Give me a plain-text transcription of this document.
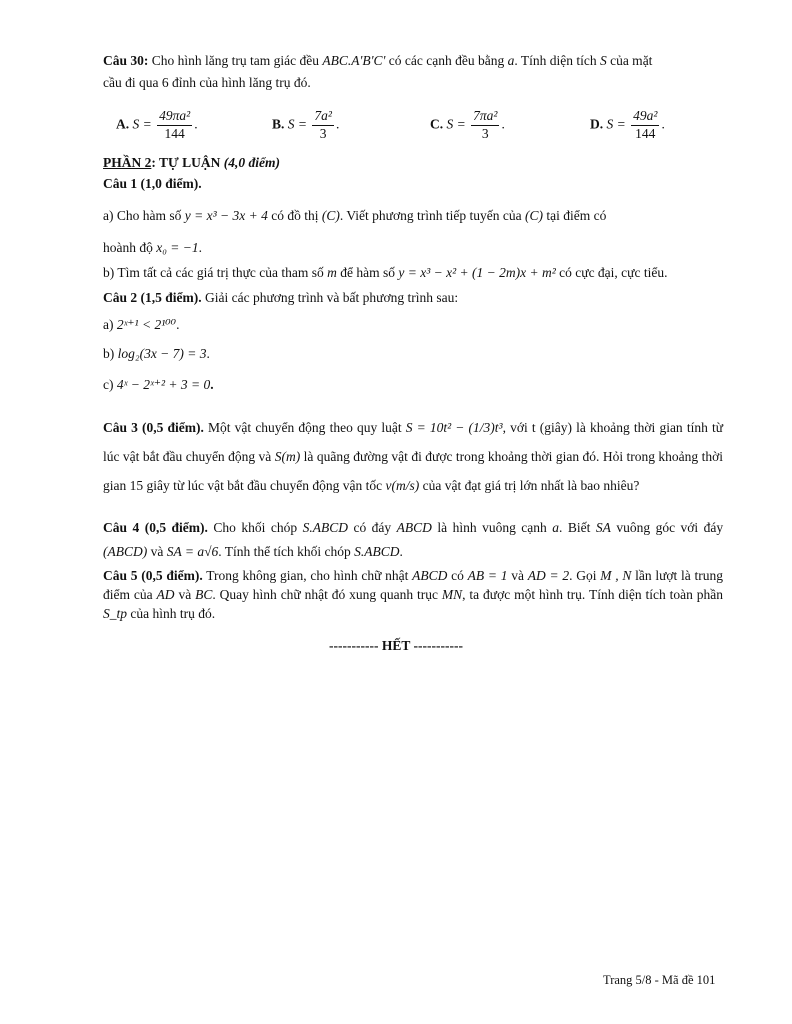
Câu 30: Cho hình lăng trụ tam giác đều ABC.A'B'C' có các cạnh đều bằng a. Tính diện tích S của mặt
cầu đi qua 6 đỉnh của hình lăng trụ đó.
A. $S = \frac{\text{49πa²}}{144}$ .	B. $S = \frac{\text{7a²}}{3}$ .	C. $S = \frac{\text{7πa²}}{3}$ .	D. $S = \frac{\text{49a²}}{144}$ .
PHẦN 2: TỰ LUẬN (4,0 điểm)
Câu 1 (1,0 điểm).
a) Cho hàm số y = x³ − 3x + 4 có đồ thị (C). Viết phương trình tiếp tuyến của (C) tại điểm có
hoành độ x₀ = −1.
b) Tìm tất cả các giá trị thực của tham số m để hàm số y = x³ − x² + (1 − 2m)x + m² có cực đại, cực tiểu.
Câu 2 (1,5 điểm). Giải các phương trình và bất phương trình sau:
a) 2ˣ⁺¹ < 2¹⁰⁰.
b) log₂(3x − 7) = 3.
c) 4ˣ − 2ˣ⁺² + 3 = 0.
Câu 3 (0,5 điểm). Một vật chuyển động theo quy luật S = 10t² − (1/3)t³, với t (giây) là khoảng thời gian tính từ lúc vật bắt đầu chuyển động và S(m) là quãng đường vật đi được trong khoảng thời gian đó. Hỏi trong khoảng thời gian 15 giây từ lúc vật bắt đầu chuyển động vận tốc v(m/s) của vật đạt giá trị lớn nhất là bao nhiêu?
Câu 4 (0,5 điểm). Cho khối chóp S.ABCD có đáy ABCD là hình vuông cạnh a. Biết SA vuông góc với đáy (ABCD) và SA = a√6. Tính thể tích khối chóp S.ABCD.
Câu 5 (0,5 điểm). Trong không gian, cho hình chữ nhật ABCD có AB = 1 và AD = 2. Gọi M , N lần lượt là trung điểm của AD và BC. Quay hình chữ nhật đó xung quanh trục MN, ta được một hình trụ. Tính diện tích toàn phần S_tp của hình trụ đó.
----------- HẾT -----------
Trang 5/8 - Mã đề 101
